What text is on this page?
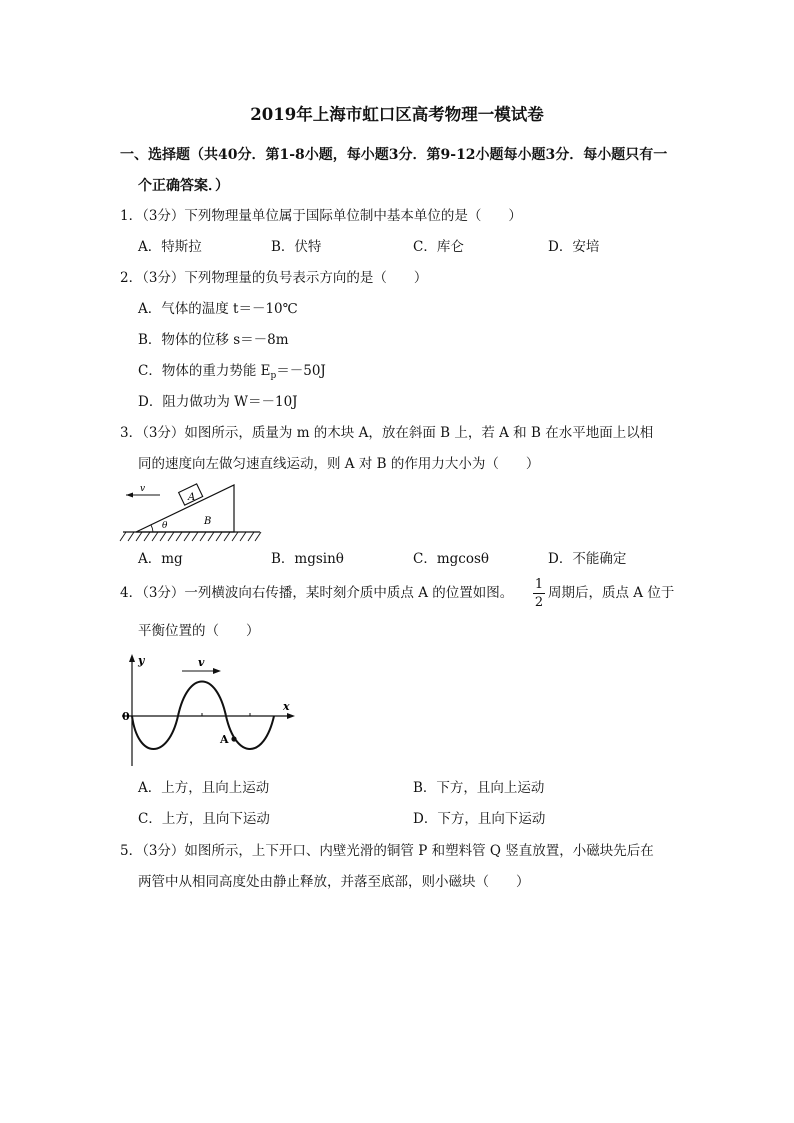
2019年上海市虹口区高考物理一模试卷
一、选择题（共40分．第1-8小题，每小题3分．第9-12小题每小题3分．每小题只有一
个正确答案．）
1．（3分）下列物理量单位属于国际单位制中基本单位的是（　　）
A．特斯拉	B．伏特	C．库仑	D．安培
2．（3分）下列物理量的负号表示方向的是（　　）
A．气体的温度 t＝－10℃
B．物体的位移 s＝－8m
C．物体的重力势能 $E_p=-50J$
D．阻力做功为 W＝－10J
3．（3分）如图所示，质量为 m 的木块 A，放在斜面 B 上，若 A 和 B 在水平地面上以相
同的速度向左做匀速直线运动，则 A 对 B 的作用力大小为（　　）
v
A
B
θ
A．mg	B．mgsinθ	C．mgcosθ	D．不能确定
4．（3分）一列横波向右传播，某时刻介质中质点 A 的位置如图。
1
2
周期后，质点 A 位于
平衡位置的（　　）
y
x
0
v
A
A．上方，且向上运动	B．下方，且向上运动
C．上方，且向下运动	D．下方，且向下运动
5．（3分）如图所示，上下开口、内壁光滑的铜管 P 和塑料管 Q 竖直放置，小磁块先后在
两管中从相同高度处由静止释放，并落至底部，则小磁块（　　）
